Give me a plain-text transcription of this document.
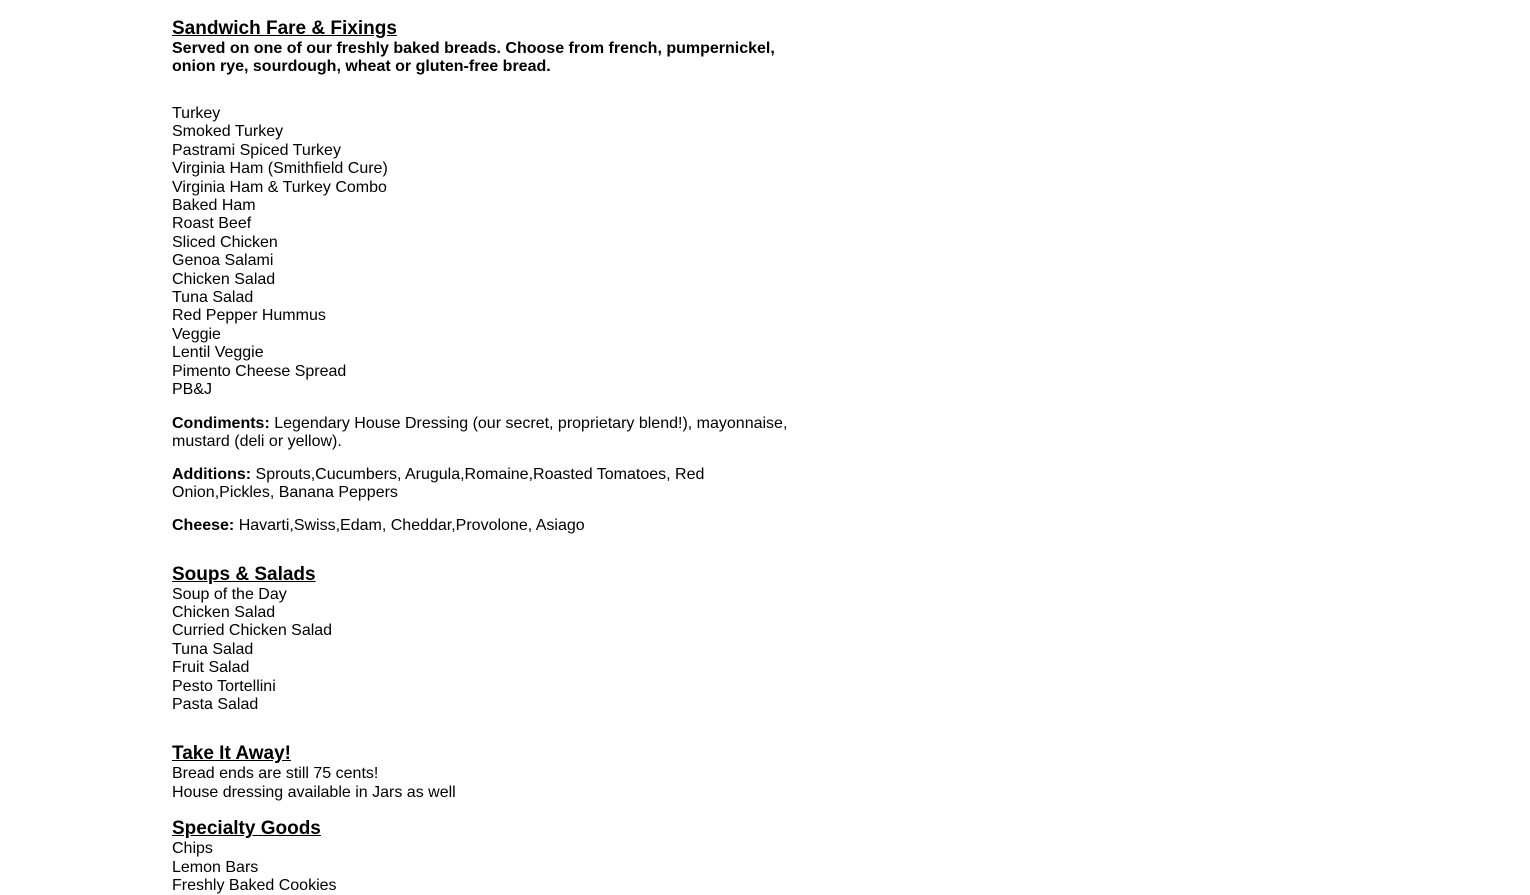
Sandwich Fare & Fixings

Served on one of our freshly baked breads. Choose from french, pumpernickel, onion rye, sourdough, wheat or gluten-free bread.

Turkey
Smoked Turkey
Pastrami Spiced Turkey
Virginia Ham (Smithfield Cure)
Virginia Ham & Turkey Combo
Baked Ham
Roast Beef
Sliced Chicken
Genoa Salami
Chicken Salad
Tuna Salad
Red Pepper Hummus
Veggie
Lentil Veggie
Pimento Cheese Spread
PB&J

Condiments: Legendary House Dressing (our secret, proprietary blend!), mayonnaise, mustard (deli or yellow).

Additions: Sprouts,Cucumbers, Arugula,Romaine,Roasted Tomatoes, Red Onion,Pickles, Banana Peppers

Cheese: Havarti,Swiss,Edam, Cheddar,Provolone, Asiago

Soups & Salads
Soup of the Day
Chicken Salad
Curried Chicken Salad
Tuna Salad
Fruit Salad
Pesto Tortellini
Pasta Salad
Take It Away!
Bread ends are still 75 cents!
House dressing available in Jars as well
Specialty Goods
Chips
Lemon Bars
Freshly Baked Cookies
